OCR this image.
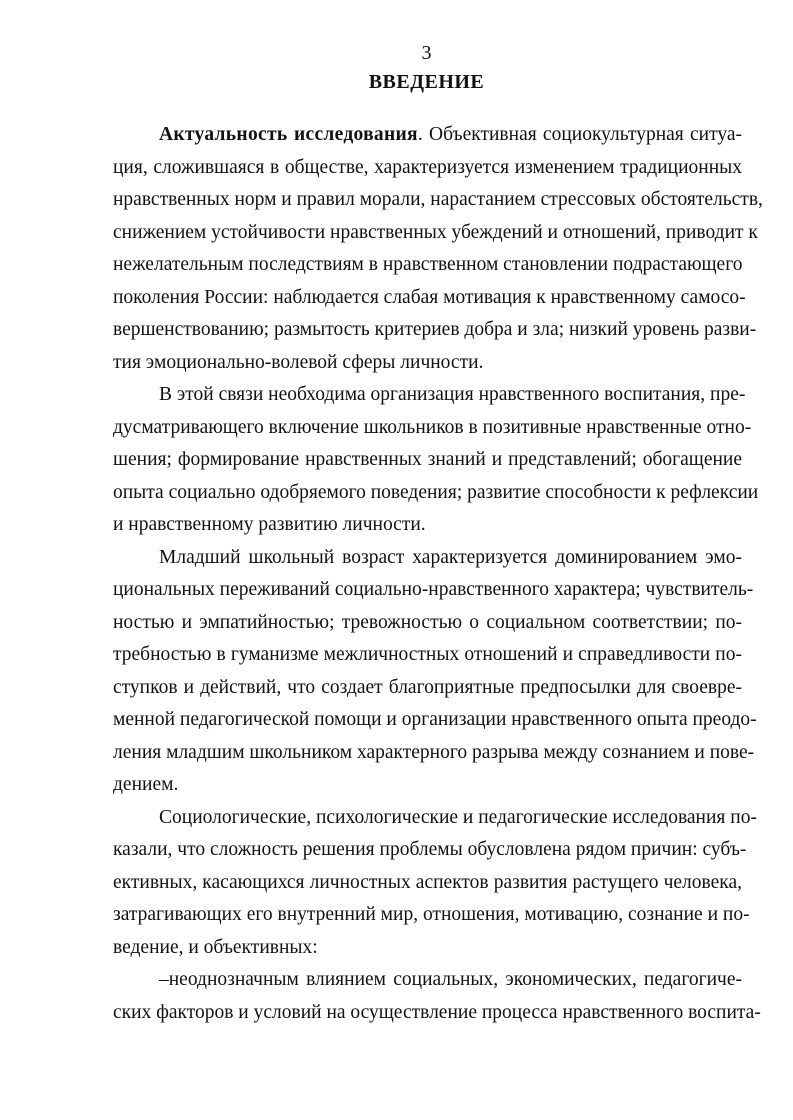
3
ВВЕДЕНИЕ
Актуальность исследования. Объективная социокультурная ситуа-
ция, сложившаяся в обществе, характеризуется изменением традиционных
нравственных норм и правил морали, нарастанием стрессовых обстоятельств,
снижением устойчивости нравственных убеждений и отношений, приводит к
нежелательным последствиям в нравственном становлении подрастающего
поколения России: наблюдается слабая мотивация к нравственному самосо-
вершенствованию; размытость критериев добра и зла; низкий уровень разви-
тия эмоционально-волевой сферы личности.
В этой связи необходима организация нравственного воспитания, пре-
дусматривающего включение школьников в позитивные нравственные отно-
шения; формирование нравственных знаний и представлений; обогащение
опыта социально одобряемого поведения; развитие способности к рефлексии
и нравственному развитию личности.
Младший школьный возраст характеризуется доминированием эмо-
циональных переживаний социально-нравственного характера; чувствитель-
ностью и эмпатийностью; тревожностью о социальном соответствии; по-
требностью в гуманизме межличностных отношений и справедливости по-
ступков и действий, что создает благоприятные предпосылки для своевре-
менной педагогической помощи и организации нравственного опыта преодо-
ления младшим школьником характерного разрыва между сознанием и пове-
дением.
Социологические, психологические и педагогические исследования по-
казали, что сложность решения проблемы обусловлена рядом причин: субъ-
ективных, касающихся личностных аспектов развития растущего человека,
затрагивающих его внутренний мир, отношения, мотивацию, сознание и по-
ведение, и объективных:
–неоднозначным влиянием социальных, экономических, педагогиче-
ских факторов и условий на осуществление процесса нравственного воспита-
